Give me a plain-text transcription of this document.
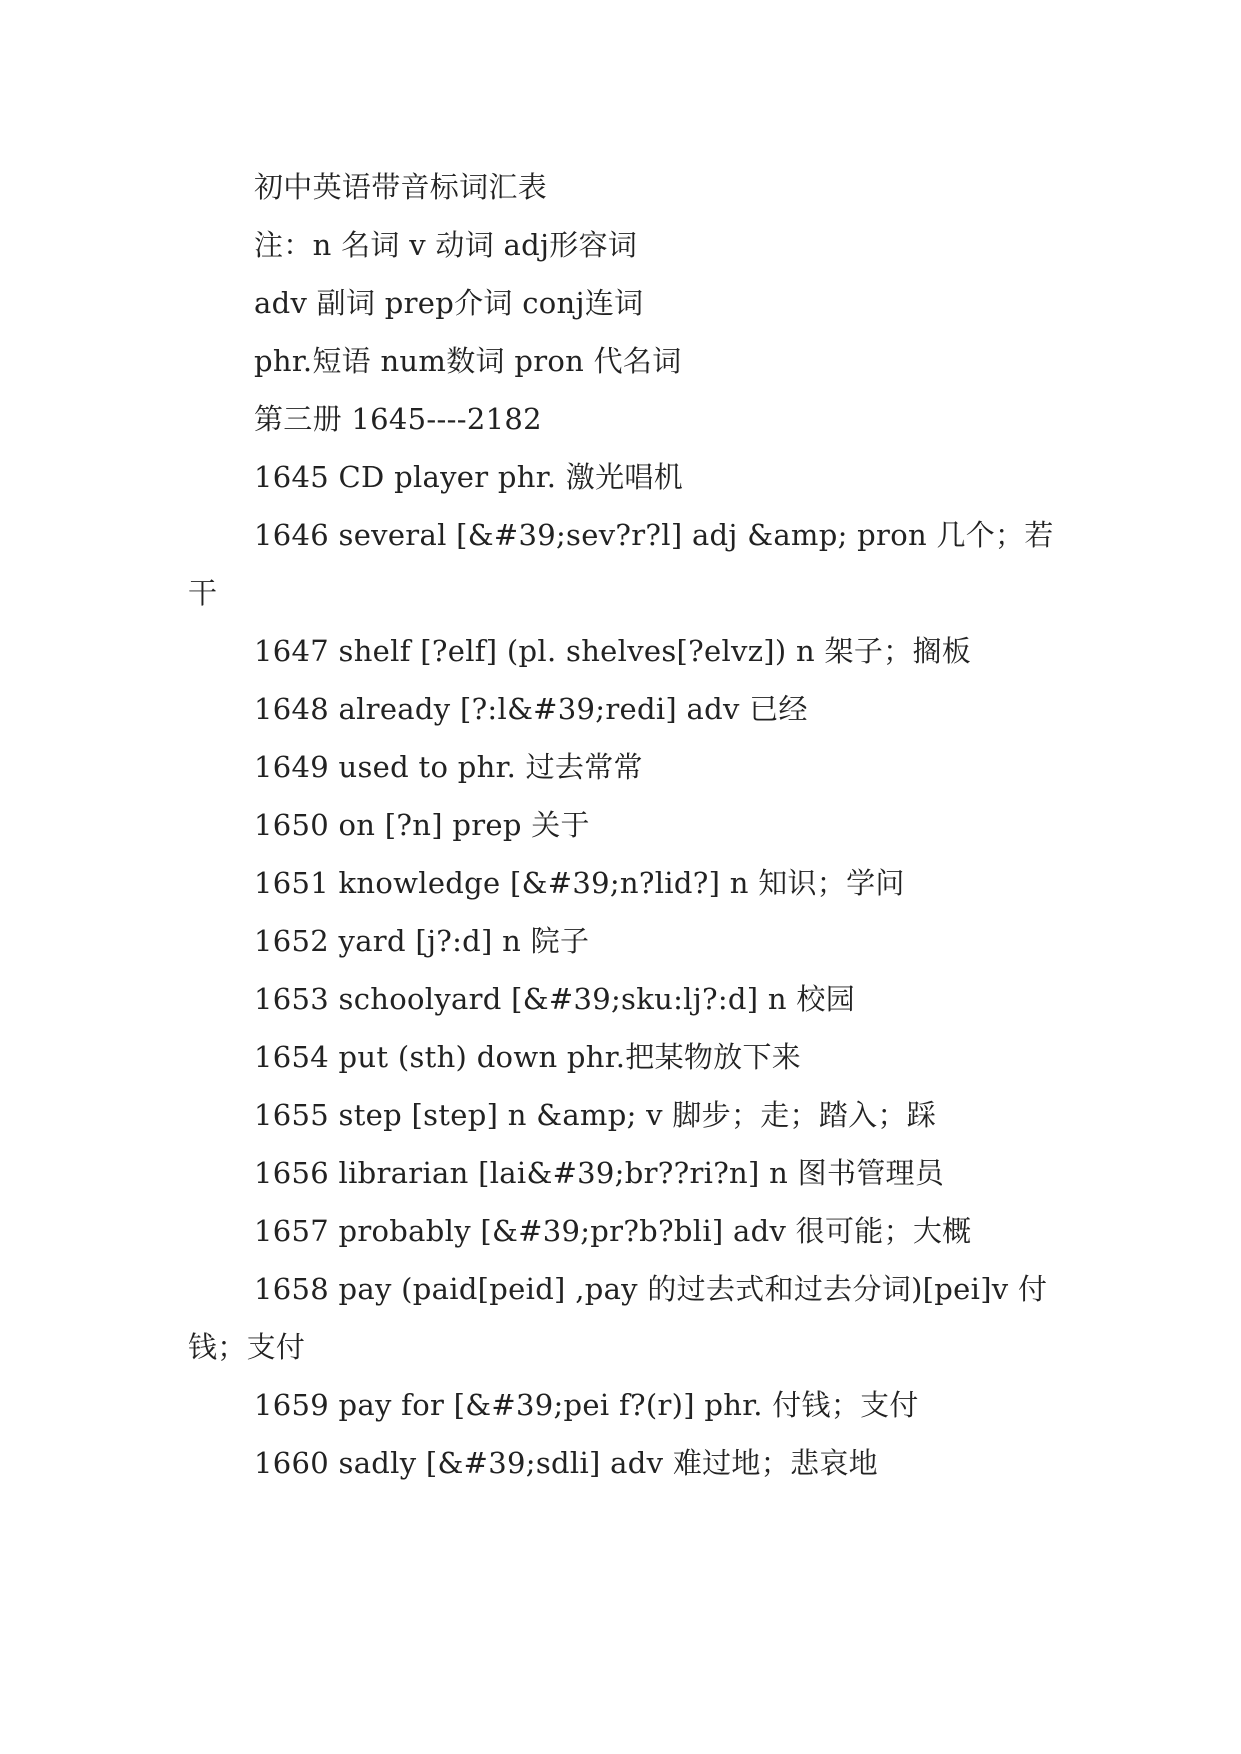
初中英语带音标词汇表

注：n 名词 v 动词 adj形容词

adv 副词 prep介词 conj连词

phr.短语 num数词 pron 代名词

第三册 1645----2182

1645 CD player phr. 激光唱机

1646 several [&#39;sev?r?l] adj &amp; pron 几个；若干

1647 shelf [?elf] (pl. shelves[?elvz]) n 架子；搁板

1648 already [?:l&#39;redi] adv 已经

1649 used to phr. 过去常常

1650 on [?n] prep 关于

1651 knowledge [&#39;n?lid?] n 知识；学问

1652 yard [j?:d] n 院子

1653 schoolyard [&#39;sku:lj?:d] n 校园

1654 put (sth) down phr.把某物放下来

1655 step [step] n &amp; v 脚步；走；踏入；踩

1656 librarian [lai&#39;br??ri?n] n 图书管理员

1657 probably [&#39;pr?b?bli] adv 很可能；大概

1658 pay (paid[peid] ,pay 的过去式和过去分词)[pei]v 付钱；支付

1659 pay for [&#39;pei f?(r)] phr. 付钱；支付

1660 sadly [&#39;sdli] adv 难过地；悲哀地
